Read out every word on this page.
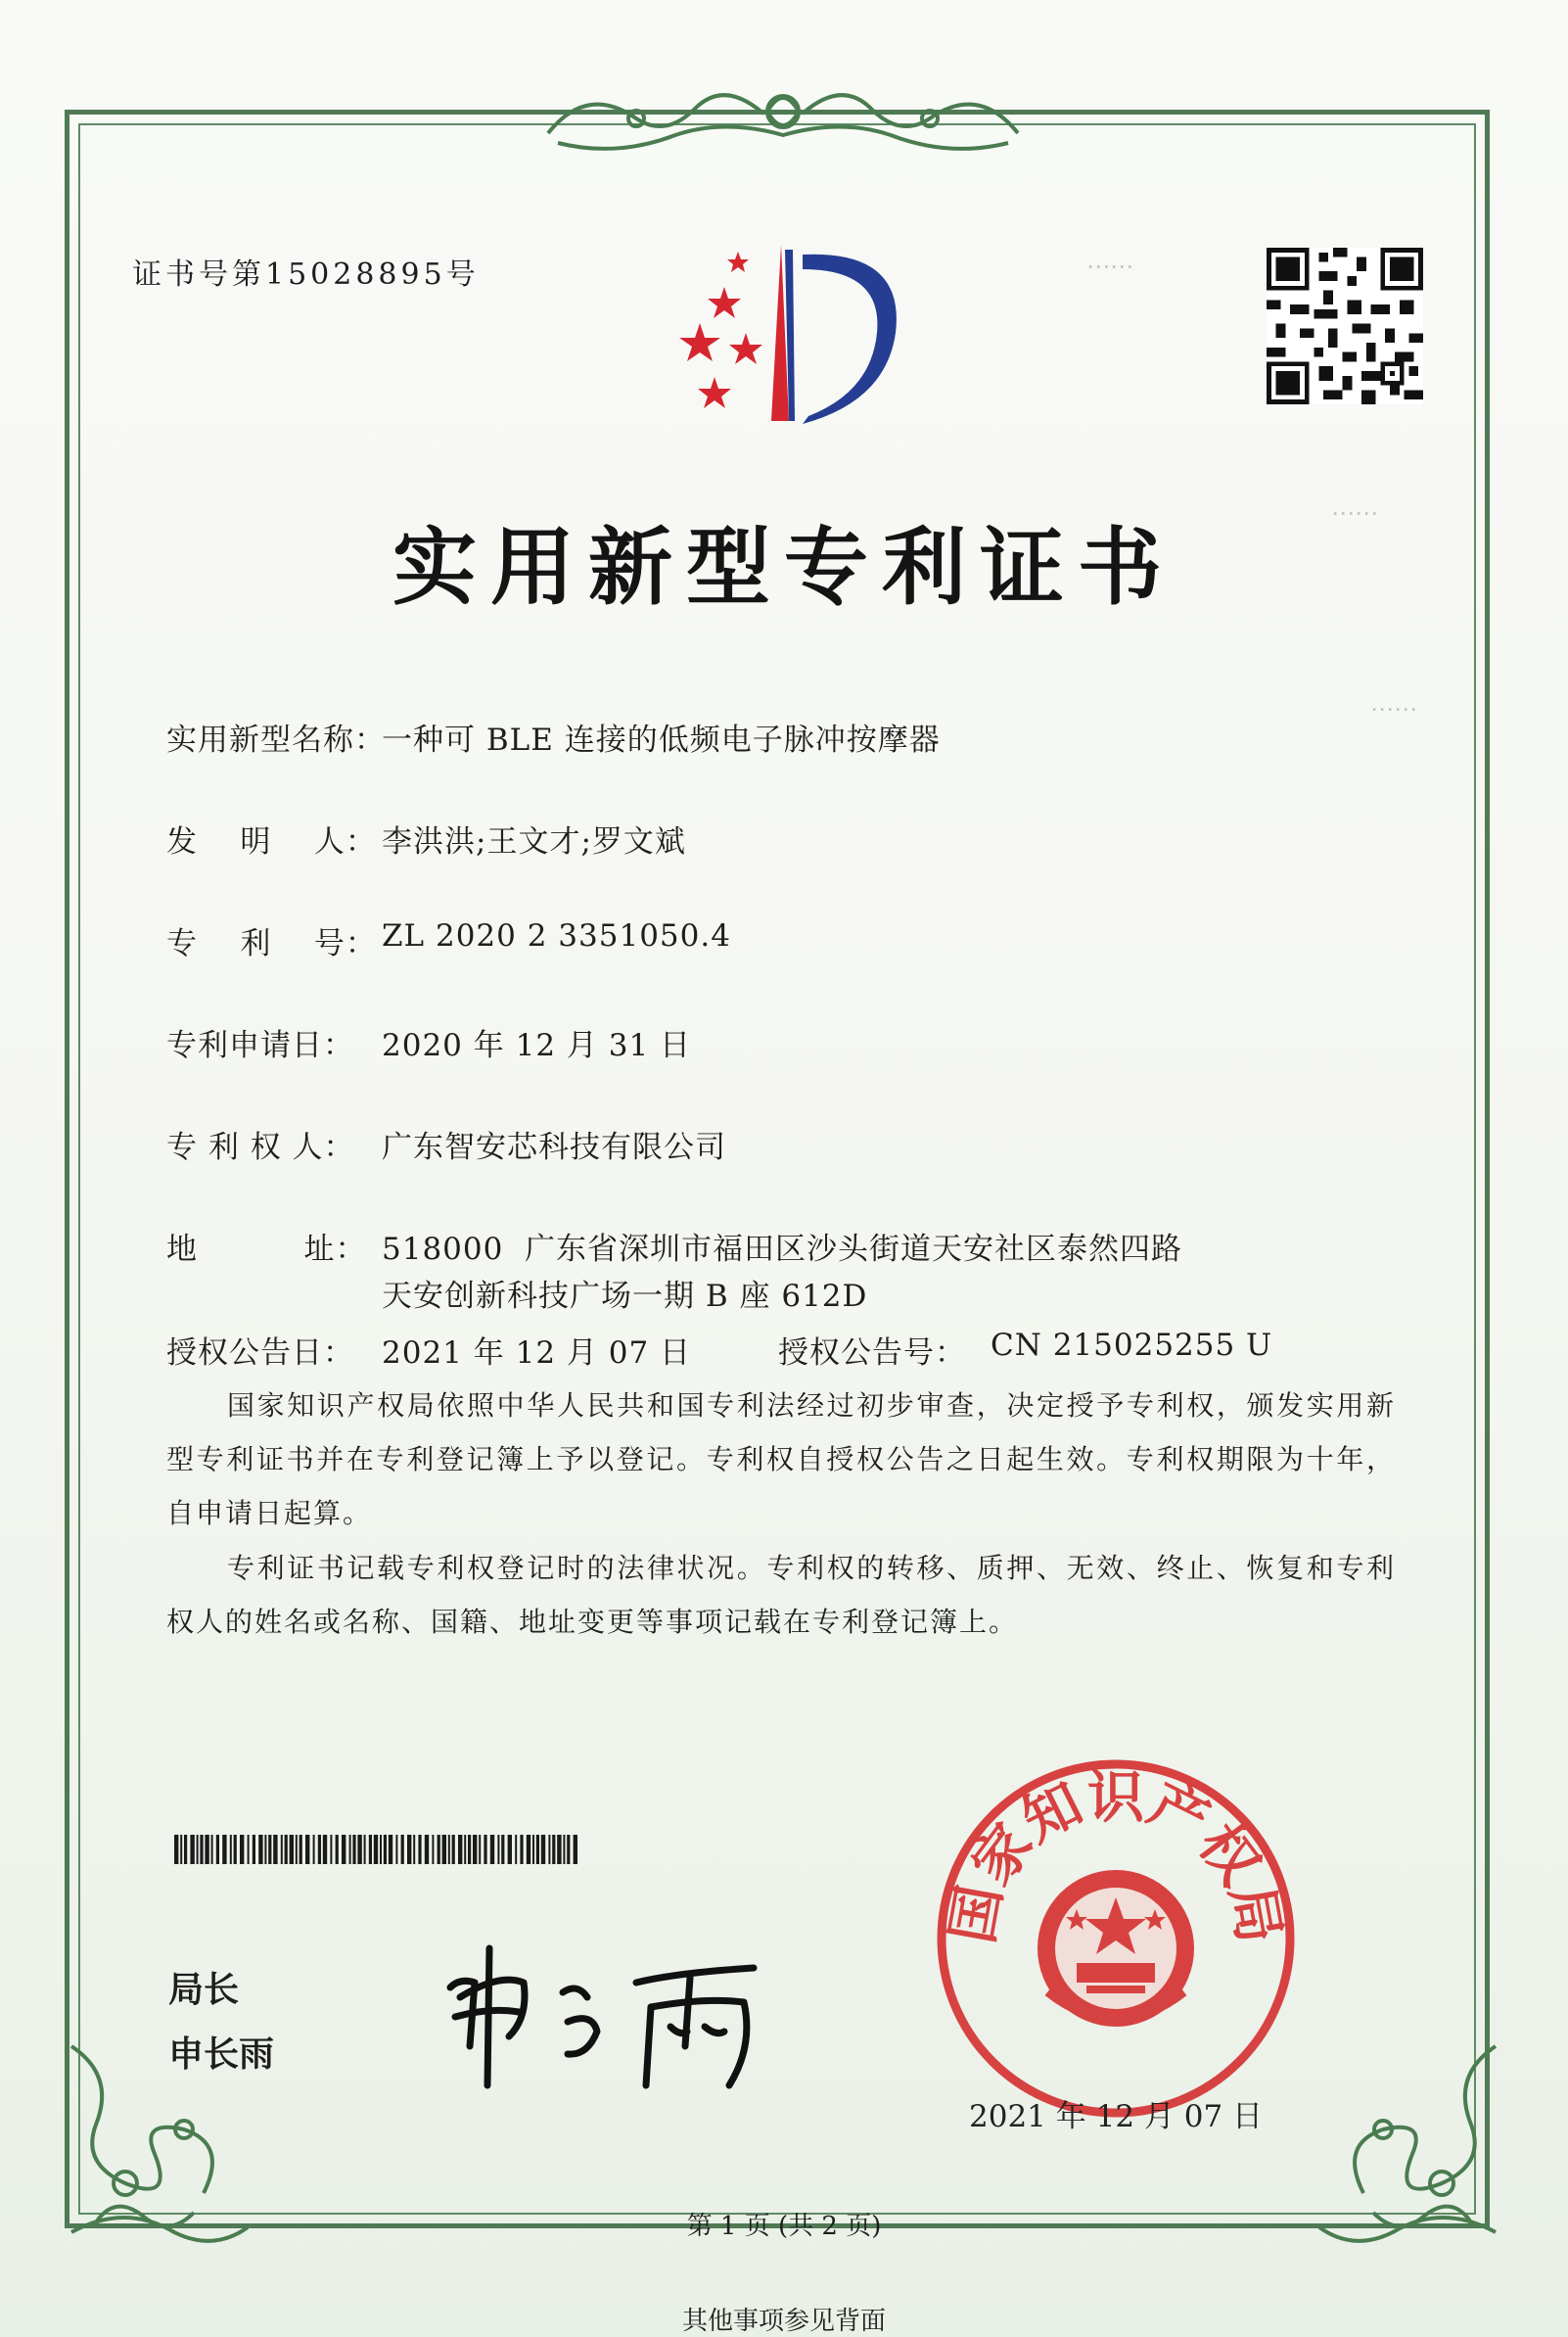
证书号第15028895号	⋯⋯
⋯⋯
⋯⋯
实用新型专利证书
实用新型名称：
一种可 BLE 连接的低频电子脉冲按摩器
发    明    人： 李洪洪;王文才;罗文斌
专    利    号： ZL 2020 2 3351050.4
专利申请日： 2020 年 12 月 31 日
专 利 权 人： 广东智安芯科技有限公司
地          址： 518000  广东省深圳市福田区沙头街道天安社区泰然四路
天安创新科技广场一期 B 座 612D
授权公告日： 2021 年 12 月 07 日	授权公告号： CN 215025255 U

国家知识产权局依照中华人民共和国专利法经过初步审查，决定授予专利权，颁发实用新型专利证书并在专利登记簿上予以登记。专利权自授权公告之日起生效。专利权期限为十年，自申请日起算。

专利证书记载专利权登记时的法律状况。专利权的转移、质押、无效、终止、恢复和专利权人的姓名或名称、国籍、地址变更等事项记载在专利登记簿上。

局长
申长雨
国家知识产权局
2021 年 12 月 07 日
第 1 页 (共 2 页)
其他事项参见背面
